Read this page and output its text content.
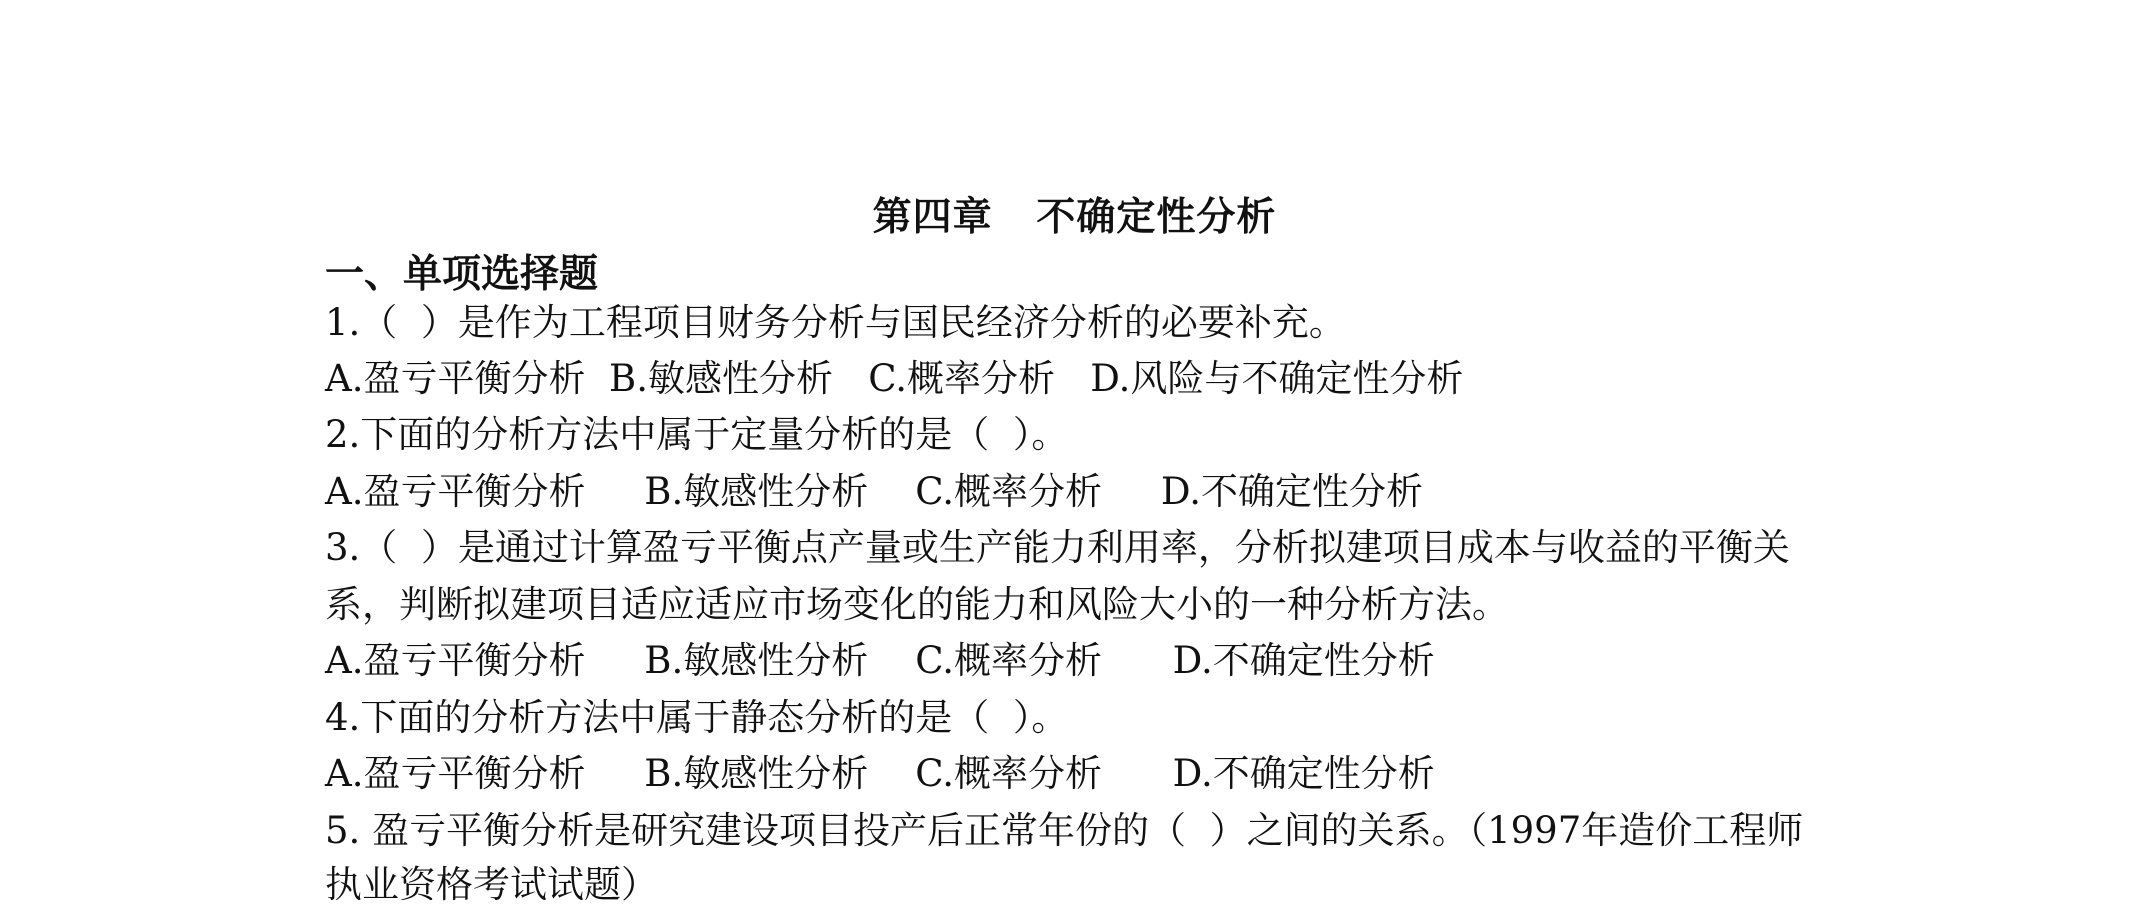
第四章   不确定性分析
一、单项选择题
1.（  ）是作为工程项目财务分析与国民经济分析的必要补充。
A.盈亏平衡分析  B.敏感性分析   C.概率分析   D.风险与不确定性分析
2.下面的分析方法中属于定量分析的是（  ）。
A.盈亏平衡分析     B.敏感性分析    C.概率分析     D.不确定性分析
3.（  ）是通过计算盈亏平衡点产量或生产能力利用率，分析拟建项目成本与收益的平衡关
系，判断拟建项目适应适应市场变化的能力和风险大小的一种分析方法。
A.盈亏平衡分析     B.敏感性分析    C.概率分析      D.不确定性分析
4.下面的分析方法中属于静态分析的是（  ）。
A.盈亏平衡分析     B.敏感性分析    C.概率分析      D.不确定性分析
5. 盈亏平衡分析是研究建设项目投产后正常年份的（  ）之间的关系。（1997年造价工程师
执业资格考试试题）
